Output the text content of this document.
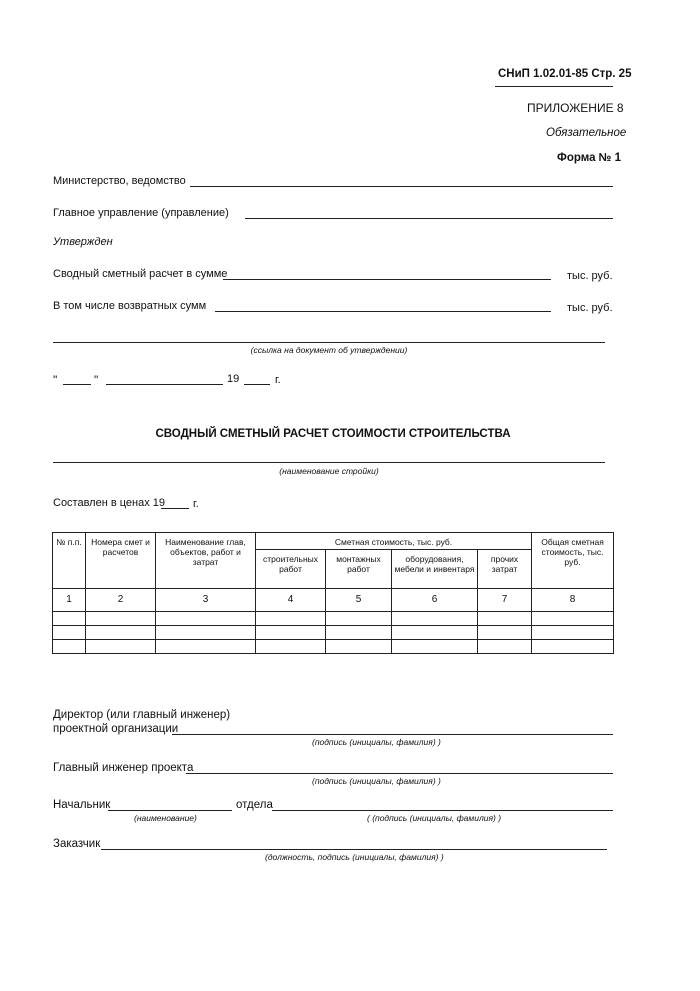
СНиП 1.02.01-85 Стр. 25
ПРИЛОЖЕНИЕ 8
Обязательное
Форма № 1
Министерство, ведомство
Главное управление (управление)
Утвержден
Сводный сметный расчет в сумме	тыс. руб.
В том числе возвратных сумм	тыс. руб.
(ссылка на документ об утверждении)
"	"	19	г.
СВОДНЫЙ СМЕТНЫЙ РАСЧЕТ СТОИМОСТИ СТРОИТЕЛЬСТВА
(наименование стройки)
Составлен в ценах 19	г.
№ п.п.	Номера смет и расчетов	Наименование глав, объектов, работ и затрат	Сметная стоимость, тыс. руб.				Общая сметная стоимость, тыс. руб.
			строительных работ	монтажных работ	оборудования, мебели и инвентаря	прочих затрат	
1	2	3	4	5	6	7	8

Директор (или главный инженер)
проектной организации
(подпись (инициалы, фамилия) )
Главный инженер проекта
(подпись (инициалы, фамилия) )
Начальник	отдела
(наименование)	( (подпись (инициалы, фамилия) )
Заказчик
(должность, подпись (инициалы, фамилия) )
